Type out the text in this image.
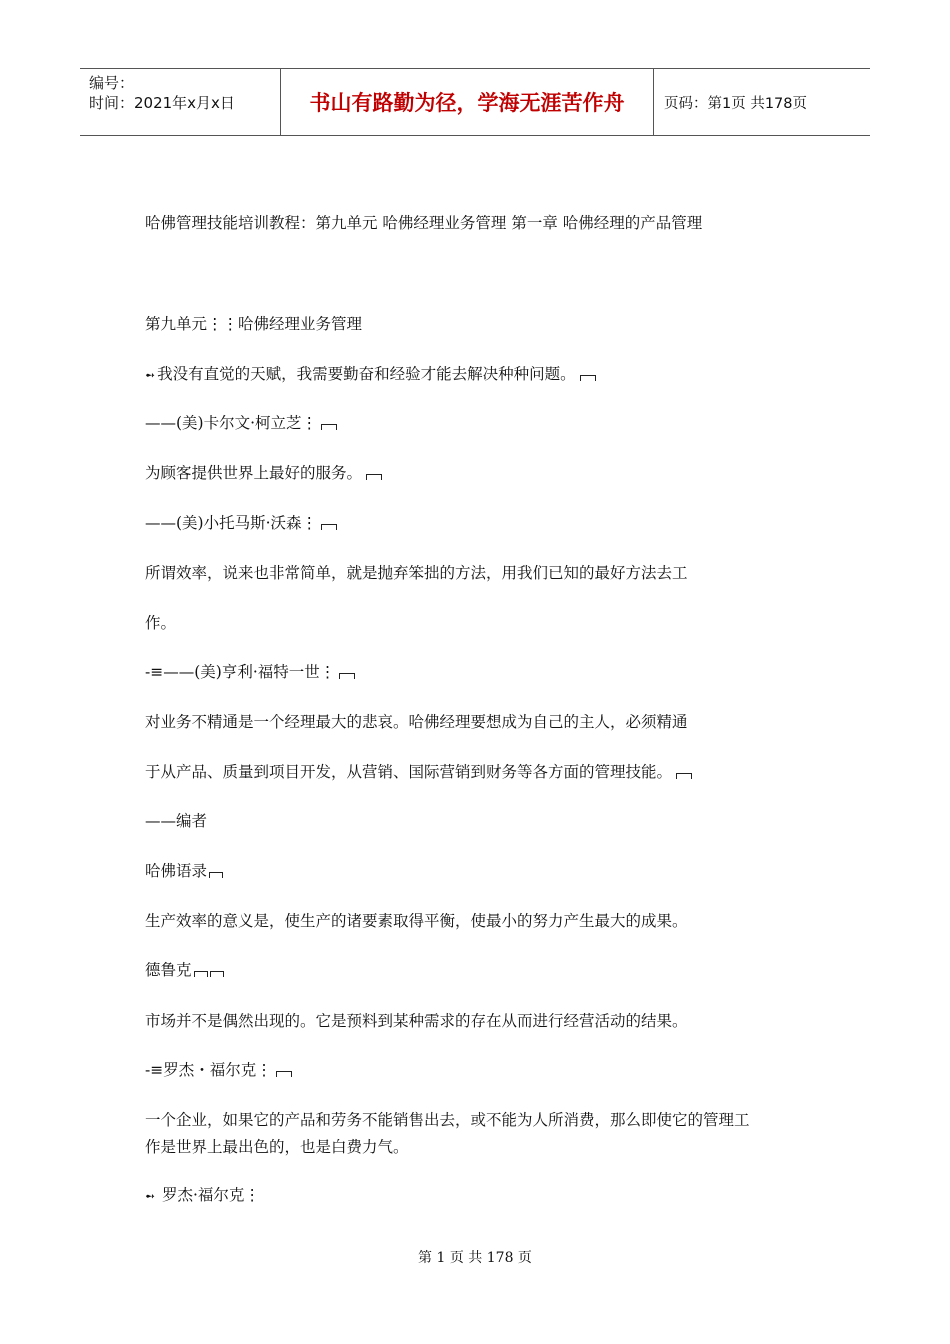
编号：
时间：2021年x月x日	书山有路勤为径，学海无涯苦作舟	页码：第1页 共178页
哈佛管理技能培训教程：第九单元 哈佛经理业务管理 第一章 哈佛经理的产品管理
第九单元⋮⋮哈佛经理业务管理
➻ 我没有直觉的天赋，我需要勤奋和经验才能去解决种种问题。
——(美)卡尔文·柯立芝⋮
为顾客提供世界上最好的服务。
——(美)小托马斯·沃森⋮
所谓效率，说来也非常简单，就是抛弃笨拙的方法，用我们已知的最好方法去工
作。
-≡——(美)亨利·福特一世⋮
对业务不精通是一个经理最大的悲哀。哈佛经理要想成为自己的主人，必须精通
于从产品、质量到项目开发，从营销、国际营销到财务等各方面的管理技能。
——编者
哈佛语录
生产效率的意义是，使生产的诸要素取得平衡，使最小的努力产生最大的成果。
德鲁克
市场并不是偶然出现的。它是预料到某种需求的存在从而进行经营活动的结果。
-≡罗杰・福尔克⋮
一个企业，如果它的产品和劳务不能销售出去，或不能为人所消费，那么即使它的管理工
作是世界上最出色的，也是白费力气。
➻ 罗杰·福尔克⋮
第 1 页 共 178 页
